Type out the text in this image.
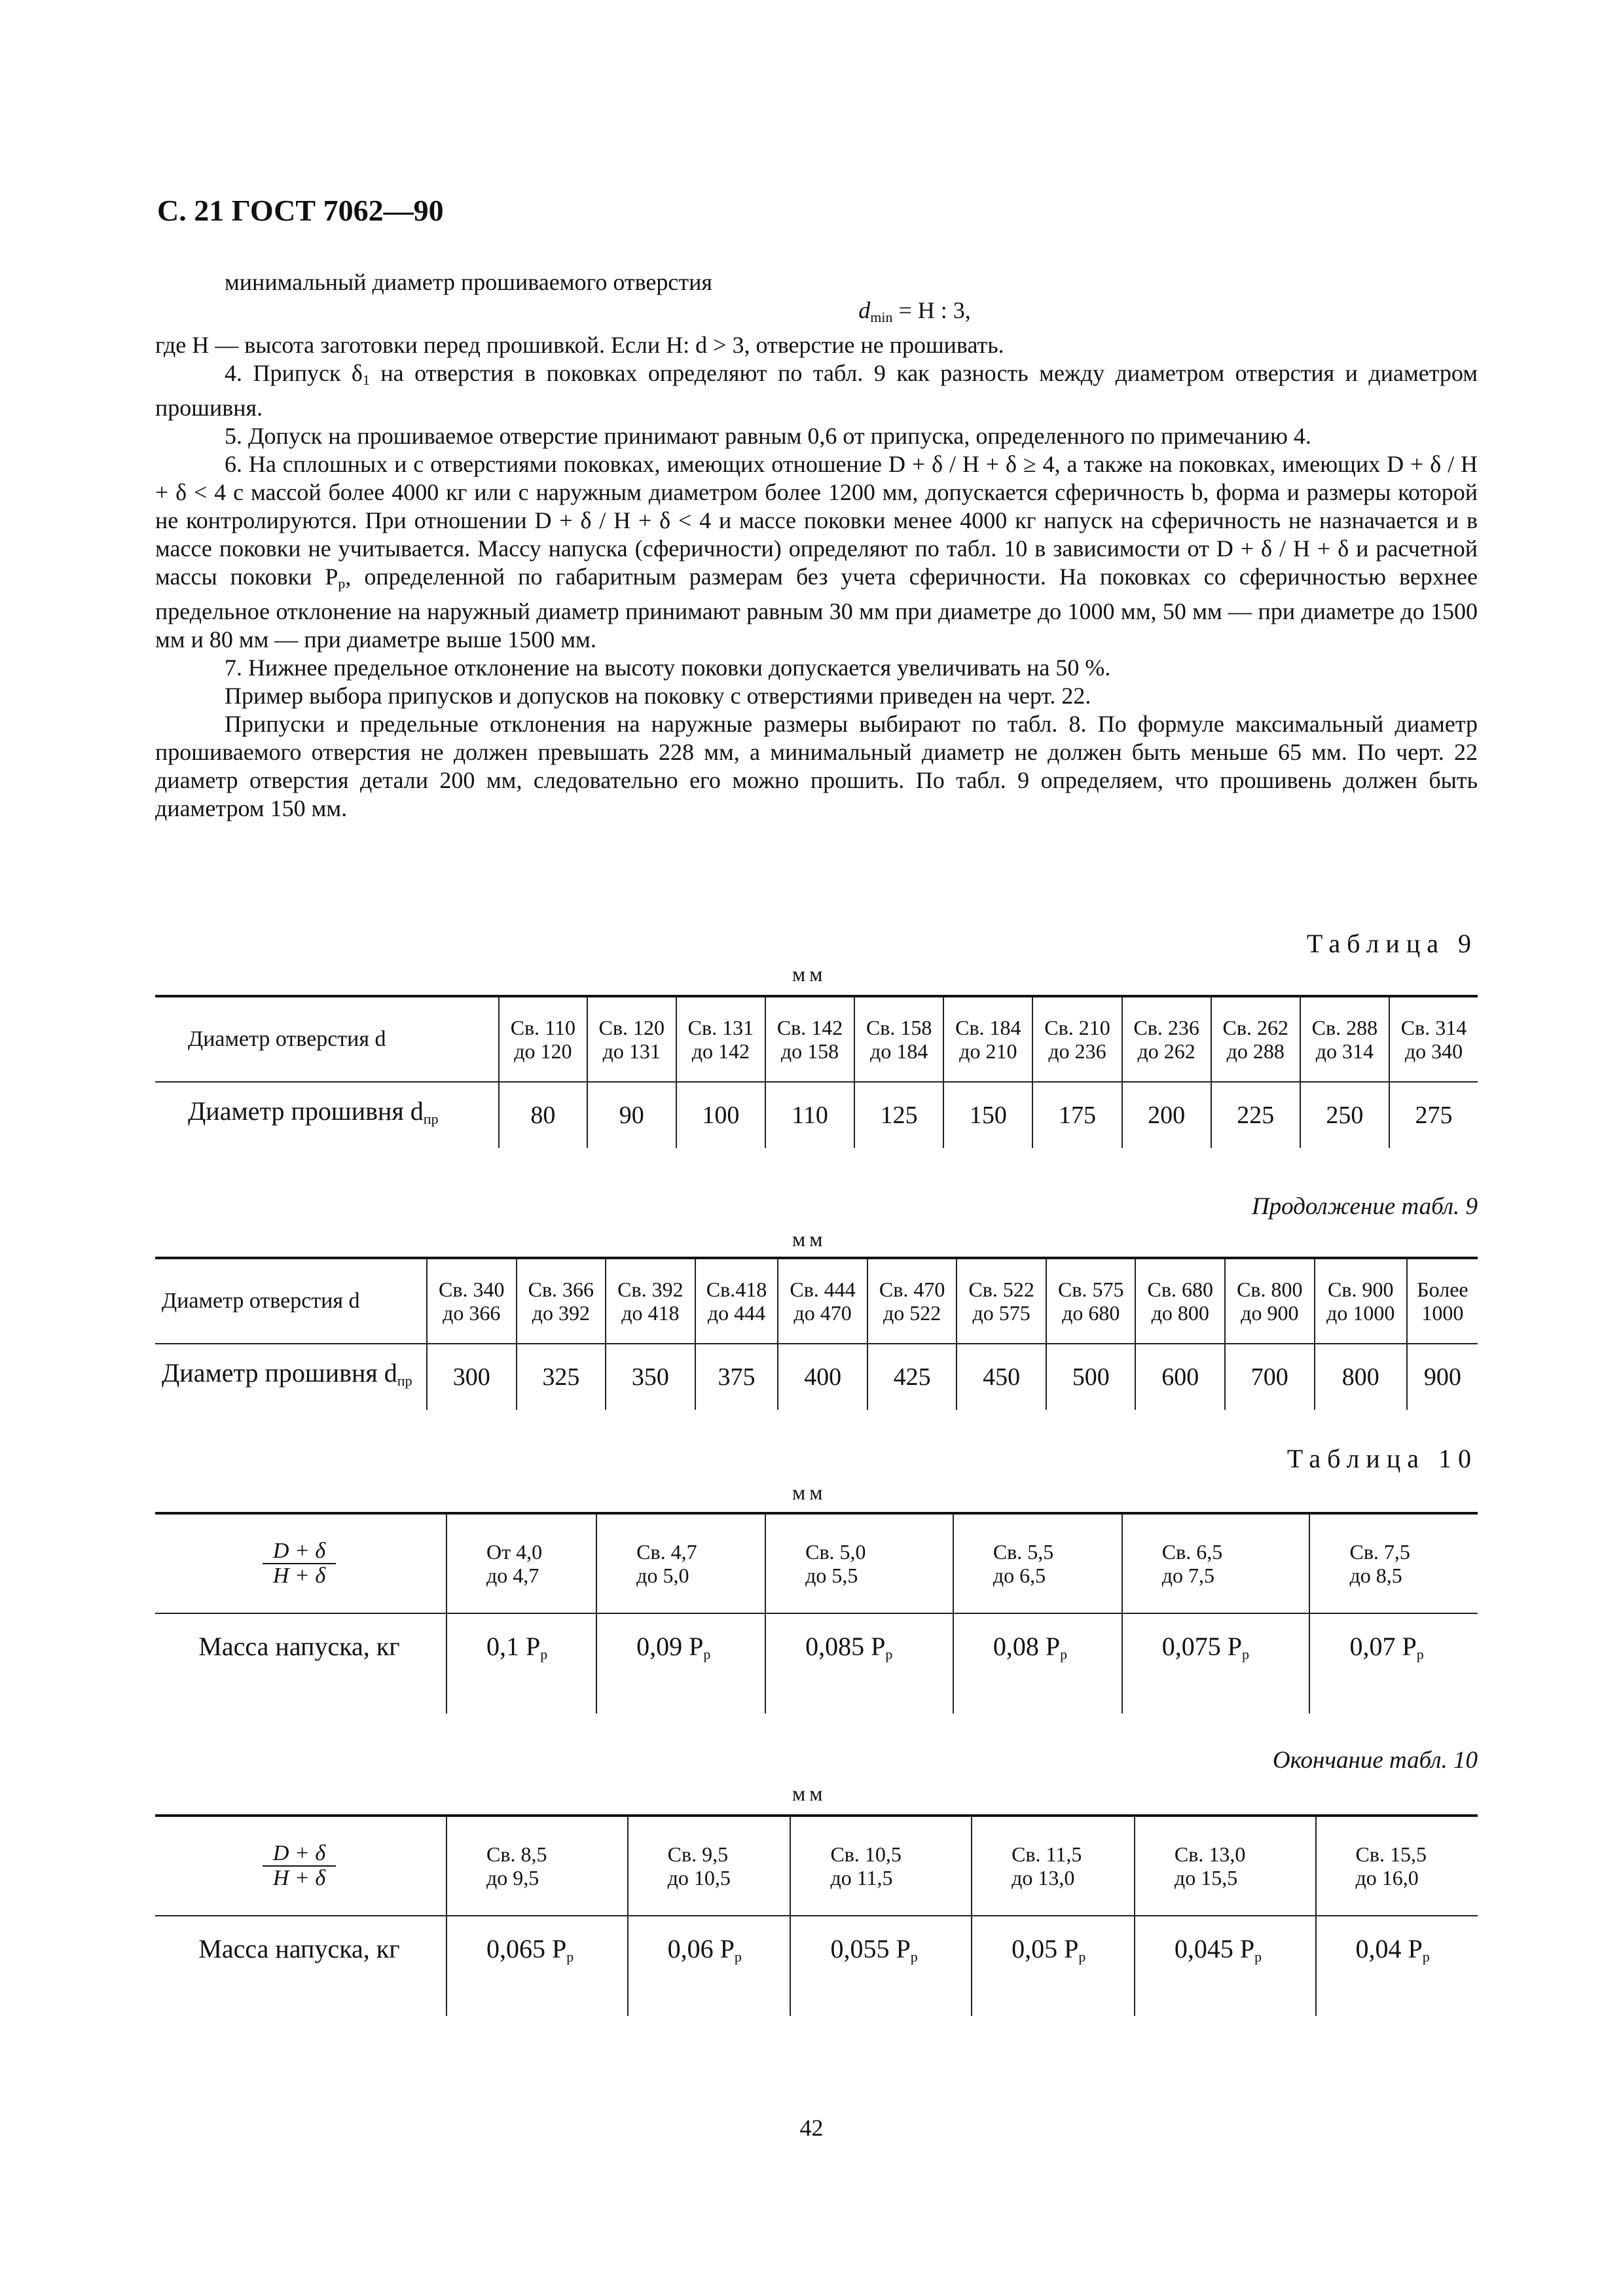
С. 21 ГОСТ 7062—90

минимальный диаметр прошиваемого отверстия

$d_{min} = H$ : 3,

где H — высота заготовки перед прошивкой. Если H: d > 3, отверстие не прошивать.

4. Припуск $\delta_1$ на отверстия в поковках определяют по табл. 9 как разность между диаметром отверстия и диаметром прошивня.

5. Допуск на прошиваемое отверстие принимают равным 0,6 от припуска, определенного по примечанию 4.

6. На сплошных и с отверстиями поковках, имеющих отношение D + δ / H + δ ≥ 4, а также на поковках, имеющих D + δ / H + δ < 4 с массой более 4000 кг или с наружным диаметром более 1200 мм, допускается сферичность b, форма и размеры которой не контролируются. При отношении D + δ / H + δ < 4 и массе поковки менее 4000 кг напуск на сферичность не назначается и в массе поковки не учитывается. Массу напуска (сферичности) определяют по табл. 10 в зависимости от D + δ / H + δ и расчетной массы поковки $P_р$, определенной по габаритным размерам без учета сферичности. На поковках со сферичностью верхнее предельное отклонение на наружный диаметр принимают равным 30 мм при диаметре до 1000 мм, 50 мм — при диаметре до 1500 мм и 80 мм — при диаметре выше 1500 мм.

7. Нижнее предельное отклонение на высоту поковки допускается увеличивать на 50 %.

Пример выбора припусков и допусков на поковку с отверстиями приведен на черт. 22.

Припуски и предельные отклонения на наружные размеры выбирают по табл. 8. По формуле максимальный диаметр прошиваемого отверстия не должен превышать 228 мм, а минимальный диаметр не должен быть меньше 65 мм. По черт. 22 диаметр отверстия детали 200 мм, следовательно его можно прошить. По табл. 9 определяем, что прошивень должен быть диаметром 150 мм.

Таблица 9
мм
Диаметр отверстия d	Св. 110
до 120	Св. 120
до 131	Св. 131
до 142	Св. 142
до 158	Св. 158
до 184	Св. 184
до 210	Св. 210
до 236	Св. 236
до 262	Св. 262
до 288	Св. 288
до 314	Св. 314
до 340
Диаметр прошивня $d_{пр}$	80	90	100	110	125	150	175	200	225	250	275
Продолжение табл. 9
мм
Диаметр отверстия d	Св. 340
до 366	Св. 366
до 392	Св. 392
до 418	Св.418
до 444	Св. 444
до 470	Св. 470
до 522	Св. 522
до 575	Св. 575
до 680	Св. 680
до 800	Св. 800
до 900	Св. 900
до 1000	Более
1000
Диаметр прошивня $d_{пр}$	300	325	350	375	400	425	450	500	600	700	800	900
Таблица 10
мм
$\frac{D + \delta}{H + \delta}$	От 4,0
до 4,7	Св. 4,7
до 5,0	Св. 5,0
до 5,5	Св. 5,5
до 6,5	Св. 6,5
до 7,5	Св. 7,5
до 8,5
Масса напуска, кг	0,1 $P_р$	0,09 $P_р$	0,085 $P_р$	0,08 $P_р$	0,075 $P_р$	0,07 $P_р$
Окончание табл. 10
мм
$\frac{D + \delta}{H + \delta}$	Св. 8,5
до 9,5	Св. 9,5
до 10,5	Св. 10,5
до 11,5	Св. 11,5
до 13,0	Св. 13,0
до 15,5	Св. 15,5
до 16,0
Масса напуска, кг	0,065 $P_р$	0,06 $P_р$	0,055 $P_р$	0,05 $P_р$	0,045 $P_р$	0,04 $P_р$
42
